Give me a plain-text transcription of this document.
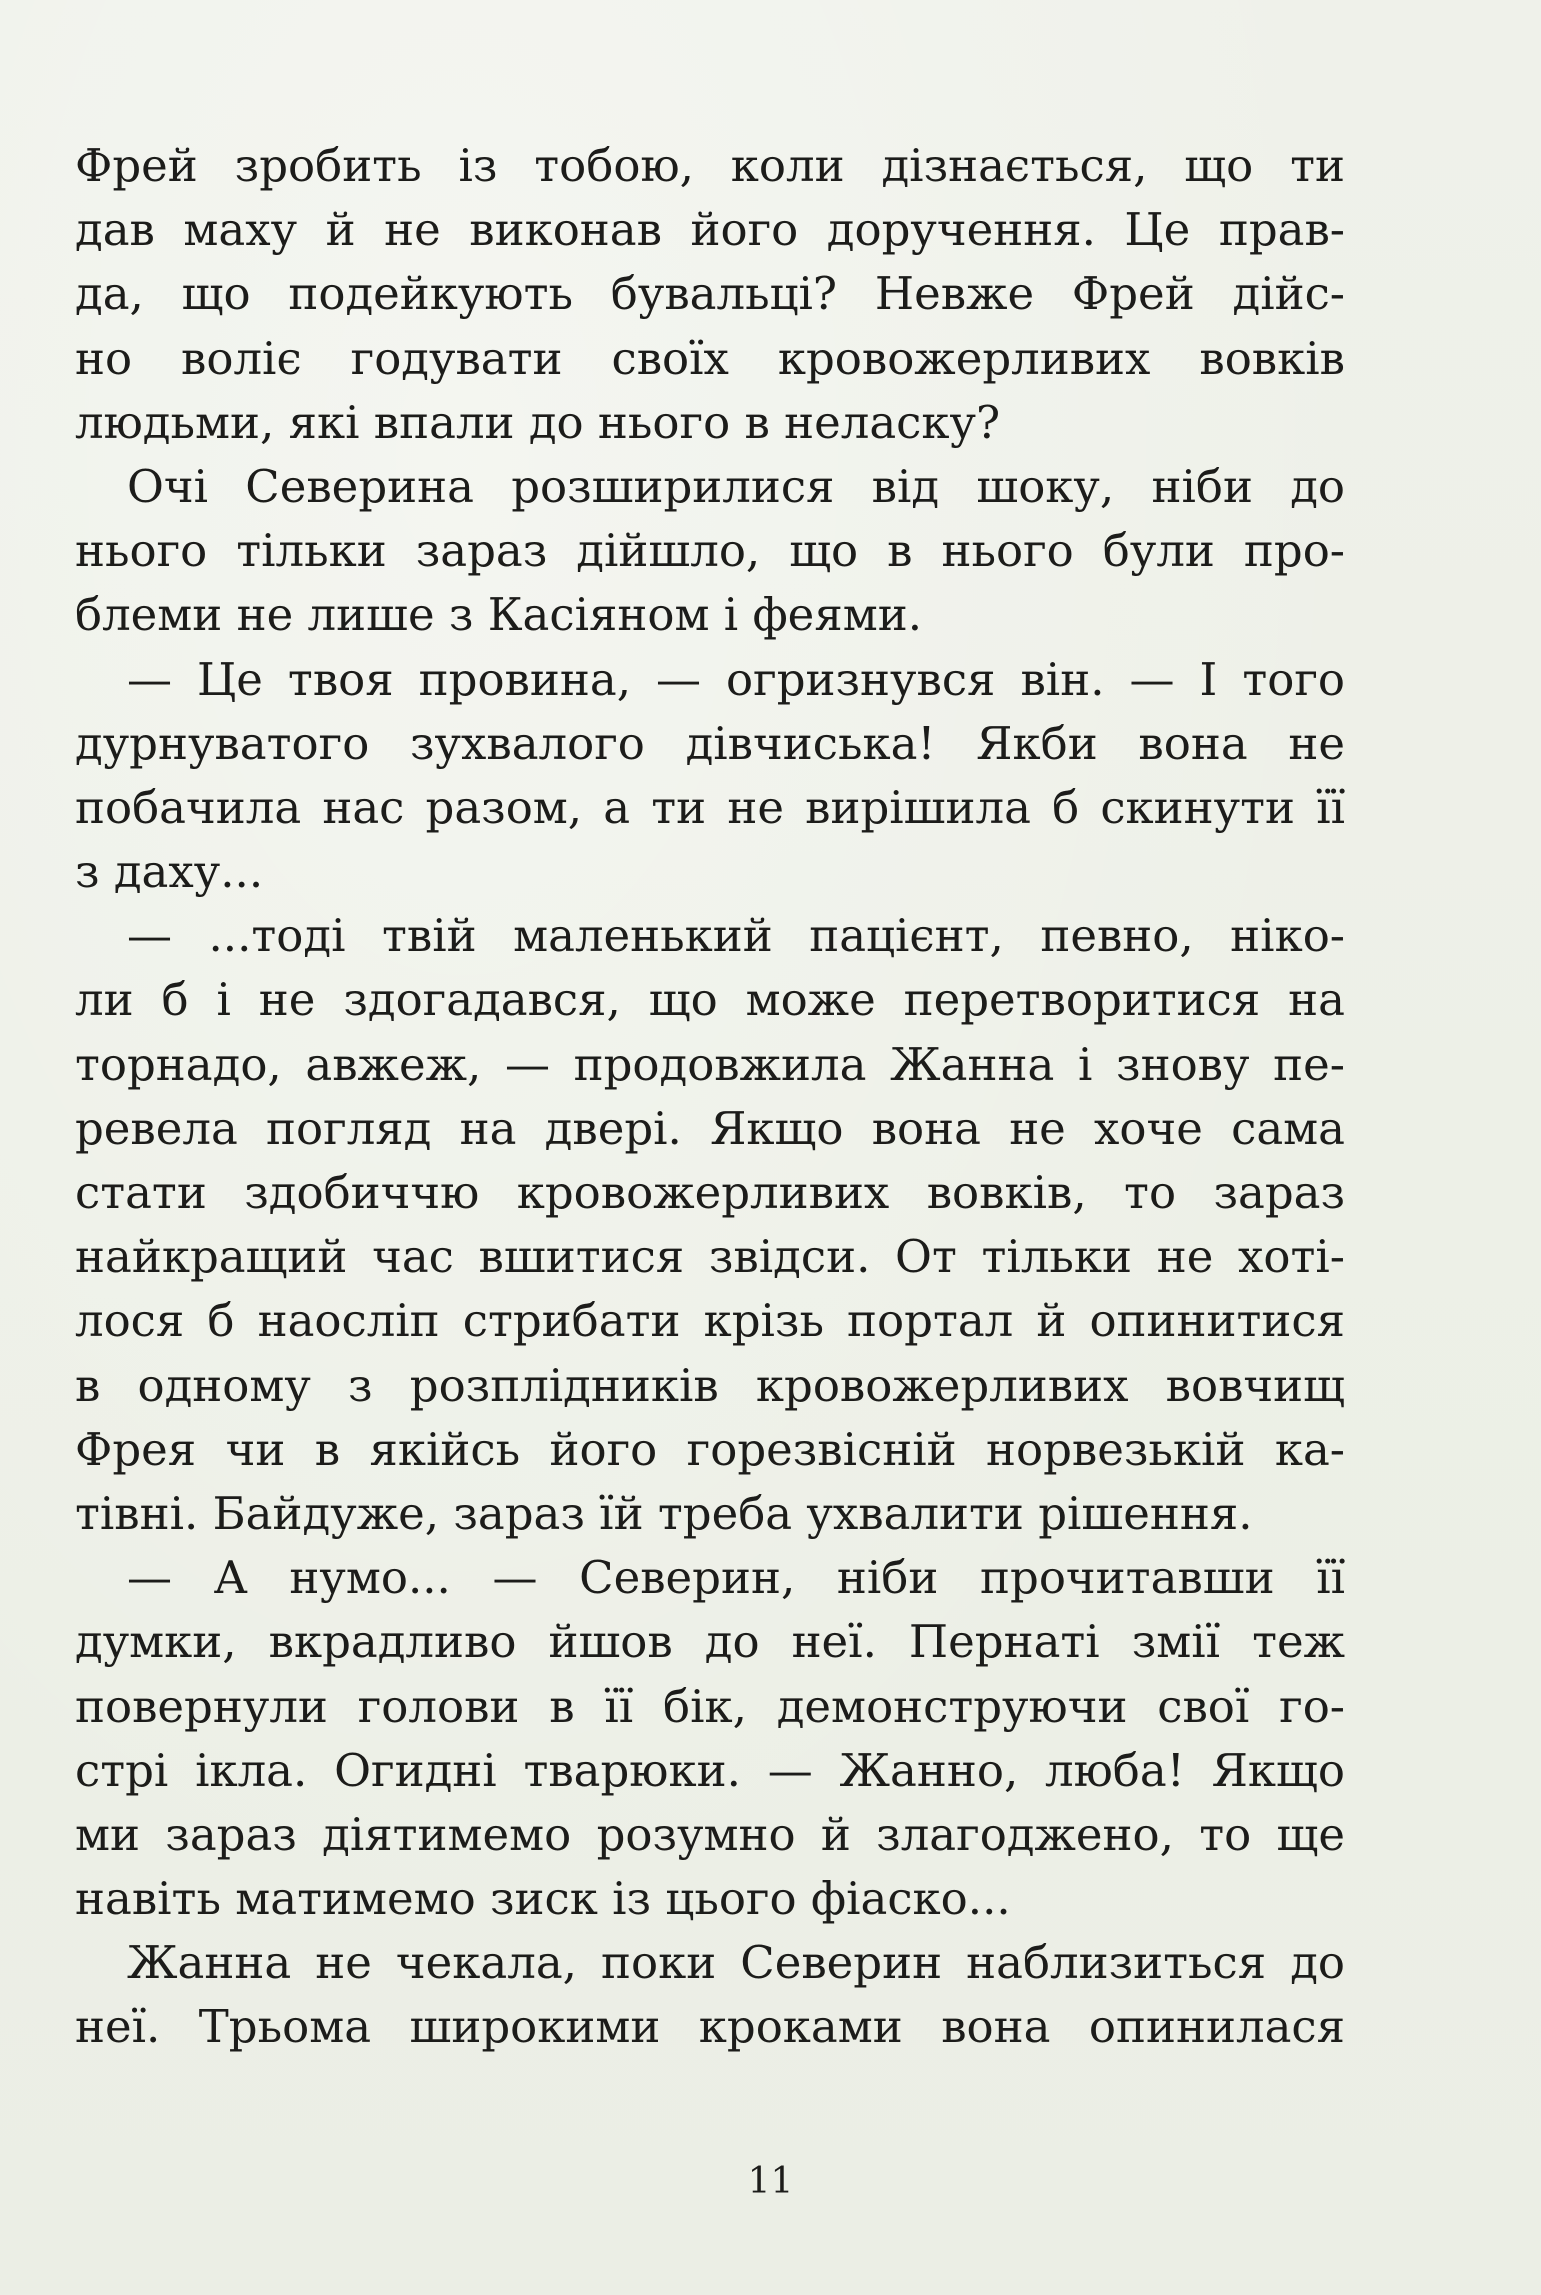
Фрей зробить із тобою, коли дізнається, що ти
дав маху й не виконав його доручення. Це прав-
да, що подейкують бувальці? Невже Фрей дійс-
но воліє годувати своїх кровожерливих вовків
людьми, які впали до нього в неласку?
Очі Северина розширилися від шоку, ніби до
нього тільки зараз дійшло, що в нього були про-
блеми не лише з Касіяном і феями.
— Це твоя провина, — огризнувся він. — І того
дурнуватого зухвалого дівчиська! Якби вона не
побачила нас разом, а ти не вирішила б скинути її
з даху...
— ...тоді твій маленький пацієнт, певно, ніко-
ли б і не здогадався, що може перетворитися на
торнадо, авжеж, — продовжила Жанна і знову пе-
ревела погляд на двері. Якщо вона не хоче сама
стати здобиччю кровожерливих вовків, то зараз
найкращий час вшитися звідси. От тільки не хоті-
лося б наосліп стрибати крізь портал й опинитися
в одному з розплідників кровожерливих вовчищ
Фрея чи в якійсь його горезвісній норвезькій ка-
тівні. Байдуже, зараз їй треба ухвалити рішення.
— А нумо... — Северин, ніби прочитавши її
думки, вкрадливо йшов до неї. Пернаті змії теж
повернули голови в її бік, демонструючи свої го-
стрі ікла. Огидні тварюки. — Жанно, люба! Якщо
ми зараз діятимемо розумно й злагоджено, то ще
навіть матимемо зиск із цього фіаско...
Жанна не чекала, поки Северин наблизиться до
неї. Трьома широкими кроками вона опинилася
11
